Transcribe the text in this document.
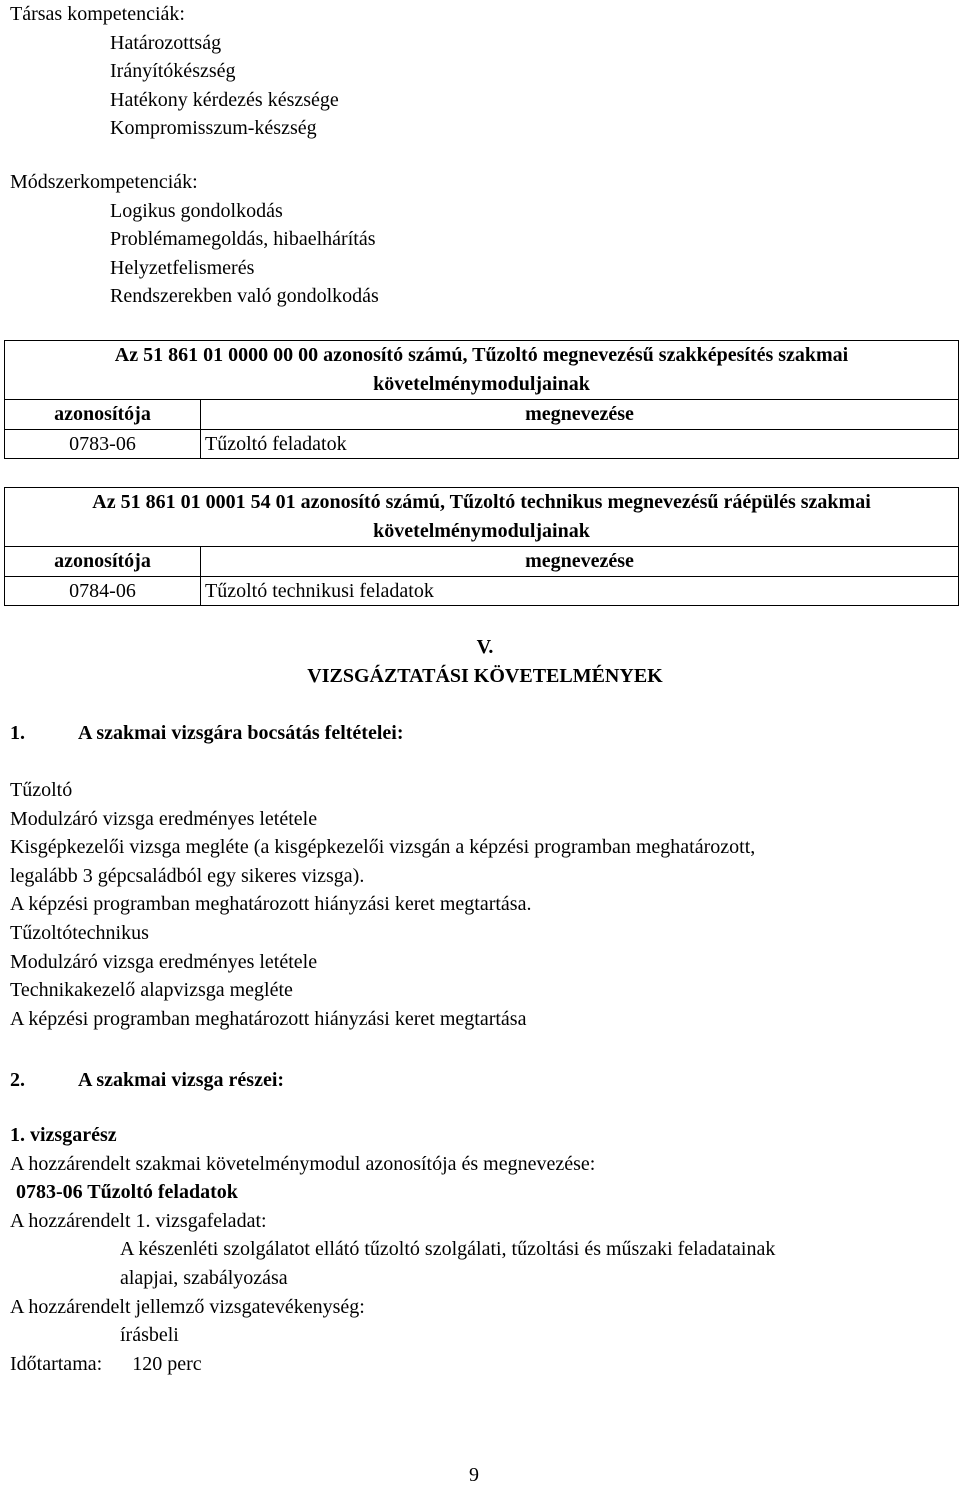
Társas kompetenciák:

Határozottság

Irányítókészség

Hatékony kérdezés készsége

Kompromisszum-készség

Módszerkompetenciák:

Logikus gondolkodás

Problémamegoldás, hibaelhárítás

Helyzetfelismerés

Rendszerekben való gondolkodás

Az 51 861 01 0000 00 00 azonosító számú, Tűzoltó megnevezésű szakképesítés szakmai követelménymoduljainak	
azonosítója	megnevezése
0783-06	Tűzoltó feladatok
Az 51 861 01 0001 54 01 azonosító számú, Tűzoltó technikus megnevezésű ráépülés szakmai követelménymoduljainak	
azonosítója	megnevezése
0784-06	Tűzoltó technikusi feladatok

V.

VIZSGÁZTATÁSI KÖVETELMÉNYEK

1.	A szakmai vizsgára bocsátás feltételei:

Tűzoltó

Modulzáró vizsga eredményes letétele

Kisgépkezelői vizsga megléte (a kisgépkezelői vizsgán a képzési programban meghatározott,

legalább 3 gépcsaládból egy sikeres vizsga).

A képzési programban meghatározott hiányzási keret megtartása.

Tűzoltótechnikus

Modulzáró vizsga eredményes letétele

Technikakezelő alapvizsga megléte

A képzési programban meghatározott hiányzási keret megtartása

2.	A szakmai vizsga részei:

1. vizsgarész

A hozzárendelt szakmai követelménymodul azonosítója és megnevezése:

0783-06 Tűzoltó feladatok

A hozzárendelt 1. vizsgafeladat:

A készenléti szolgálatot ellátó tűzoltó szolgálati, tűzoltási és műszaki feladatainak

alapjai, szabályozása

A hozzárendelt jellemző vizsgatevékenység:

írásbeli

Időtartama: 120 perc

9
